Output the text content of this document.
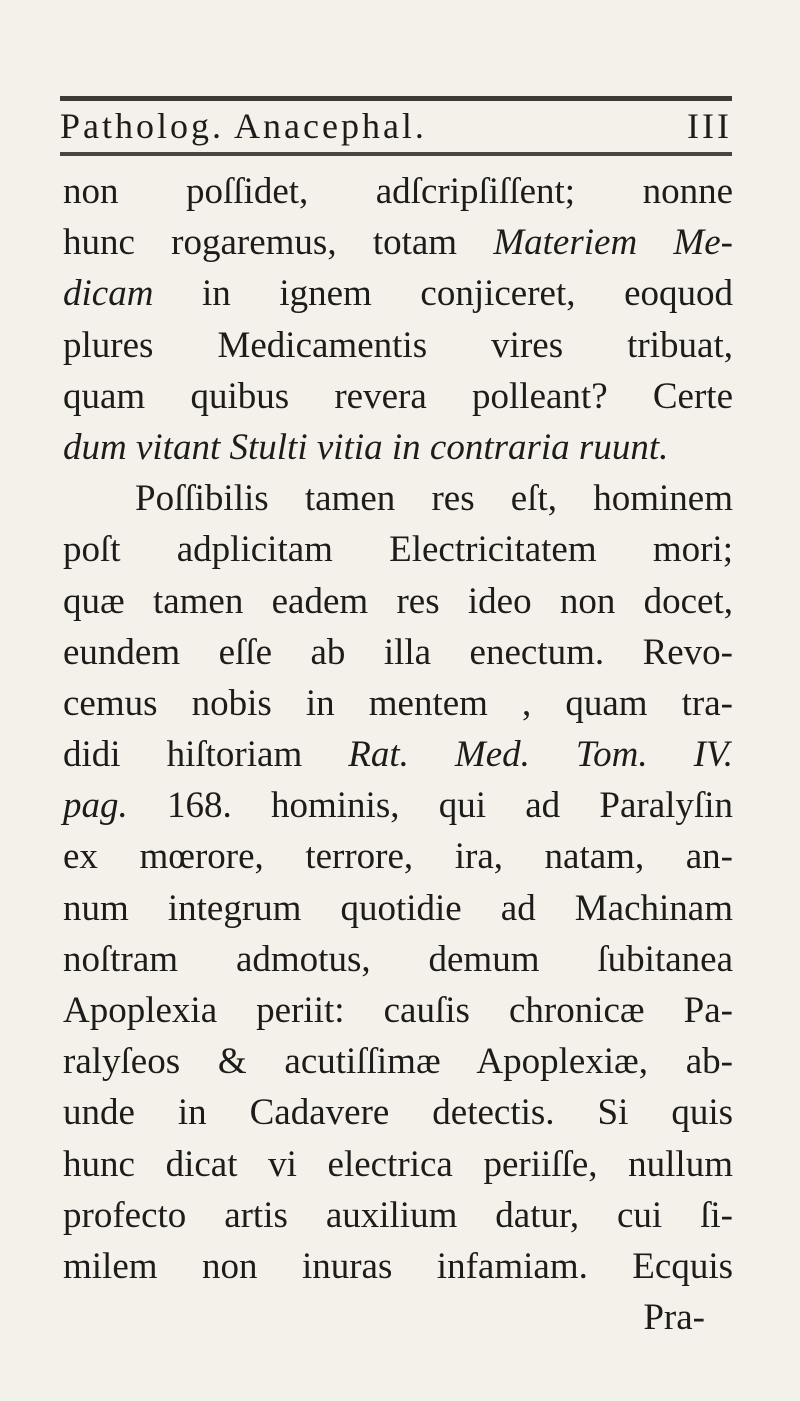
Patholog. Anacephal.	III
non poſſidet, adſcripſiſſent; nonne
hunc rogaremus, totam Materiem Me-
dicam in ignem conjiceret, eoquod
plures Medicamentis vires tribuat,
quam quibus revera polleant? Certe
dum vitant Stulti vitia in contraria ruunt.
Poſſibilis tamen res eſt, hominem
poſt adplicitam Electricitatem mori;
quæ tamen eadem res ideo non docet,
eundem eſſe ab illa enectum. Revo-
cemus nobis in mentem , quam tra-
didi hiſtoriam Rat. Med. Tom. IV.
pag. 168. hominis, qui ad Paralyſin
ex mœrore, terrore, ira, natam, an-
num integrum quotidie ad Machinam
noſtram admotus, demum ſubitanea
Apoplexia periit: cauſis chronicæ Pa-
ralyſeos & acutiſſimæ Apoplexiæ, ab-
unde in Cadavere detectis. Si quis
hunc dicat vi electrica periiſſe, nullum
profecto artis auxilium datur, cui ſi-
milem non inuras infamiam. Ecquis
Pra-
